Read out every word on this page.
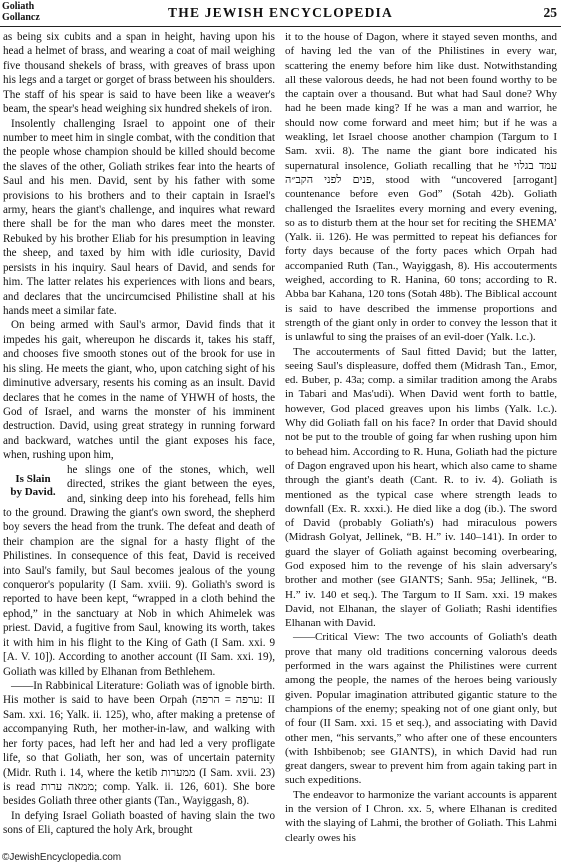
Goliath
Gollancz	THE JEWISH ENCYCLOPEDIA	25

as being six cubits and a span in height, having upon his head a helmet of brass, and wearing a coat of mail weighing five thousand shekels of brass, with greaves of brass upon his legs and a target or gorget of brass between his shoulders. The staff of his spear is said to have been like a weaver's beam, the spear's head weighing six hundred shekels of iron.

Insolently challenging Israel to appoint one of their number to meet him in single combat, with the condition that the people whose champion should be killed should become the slaves of the other, Goliath strikes fear into the hearts of Saul and his men. David, sent by his father with some provisions to his brothers and to their captain in Israel's army, hears the giant's challenge, and inquires what reward there shall be for the man who dares meet the monster. Rebuked by his brother Eliab for his presumption in leaving the sheep, and taxed by him with idle curiosity, David persists in his inquiry. Saul hears of David, and sends for him. The latter relates his experiences with lions and bears, and declares that the uncircumcised Philistine shall at his hands meet a similar fate.

On being armed with Saul's armor, David finds that it impedes his gait, whereupon he discards it, takes his staff, and chooses five smooth stones out of the brook for use in his sling. He meets the giant, who, upon catching sight of his diminutive adversary, resents his coming as an insult. David declares that he comes in the name of YHWH of hosts, the God of Israel, and warns the monster of his imminent destruction. David, using great strategy in running forward and backward, watches until the giant exposes his face, when, rushing upon him,

Is Slain
by David.

he slings one of the stones, which, well directed, strikes the giant between the eyes, and, sinking deep into his forehead, fells him to the ground. Drawing the giant's own sword, the shepherd boy severs the head from the trunk. The defeat and death of their champion are the signal for a hasty flight of the Philistines. In consequence of this feat, David is received into Saul's family, but Saul becomes jealous of the young conqueror's popularity (I Sam. xviii. 9). Goliath's sword is reported to have been kept, “wrapped in a cloth behind the ephod,” in the sanctuary at Nob in which Ahimelek was priest. David, a fugitive from Saul, knowing its worth, takes it with him in his flight to the King of Gath (I Sam. xxi. 9 [A. V. 10]). According to another account (II Sam. xxi. 19), Goliath was killed by Elhanan from Bethlehem.

——In Rabbinical Literature: Goliath was of ignoble birth. His mother is said to have been Orpah (ערפה = הרפה: II Sam. xxi. 16; Yalk. ii. 125), who, after making a pretense of accompanying Ruth, her mother-in-law, and walking with her forty paces, had left her and had led a very profligate life, so that Goliath, her son, was of uncertain paternity (Midr. Ruth i. 14, where the ketib ממערות (I Sam. xvii. 23) is read ממאה ערות; comp. Yalk. ii. 126, 601). She bore besides Goliath three other giants (Tan., Wayiggash, 8).

In defying Israel Goliath boasted of having slain the two sons of Eli, captured the holy Ark, brought

it to the house of Dagon, where it stayed seven months, and of having led the van of the Philistines in every war, scattering the enemy before him like dust. Notwithstanding all these valorous deeds, he had not been found worthy to be the captain over a thousand. But what had Saul done? Why had he been made king? If he was a man and warrior, he should now come forward and meet him; but if he was a weakling, let Israel choose another champion (Targum to I Sam. xvii. 8). The name the giant bore indicated his supernatural insolence, Goliath recalling that he עמד בגלוי פנים לפני הקב״ה, stood with “uncovered [arrogant] countenance before even God” (Sotah 42b). Goliath challenged the Israelites every morning and every evening, so as to disturb them at the hour set for reciting the SHEMA’ (Yalk. ii. 126). He was permitted to repeat his defiances for forty days because of the forty paces which Orpah had accompanied Ruth (Tan., Wayiggash, 8). His accouterments weighed, according to R. Hanina, 60 tons; according to R. Abba bar Kahana, 120 tons (Sotah 48b). The Biblical account is said to have described the immense proportions and strength of the giant only in order to convey the lesson that it is unlawful to sing the praises of an evil-doer (Yalk. l.c.).

The accouterments of Saul fitted David; but the latter, seeing Saul's displeasure, doffed them (Midrash Tan., Emor, ed. Buber, p. 43a; comp. a similar tradition among the Arabs in Tabari and Mas'udi). When David went forth to battle, however, God placed greaves upon his limbs (Yalk. l.c.). Why did Goliath fall on his face? In order that David should not be put to the trouble of going far when rushing upon him to behead him. According to R. Huna, Goliath had the picture of Dagon engraved upon his heart, which also came to shame through the giant's death (Cant. R. to iv. 4). Goliath is mentioned as the typical case where strength leads to downfall (Ex. R. xxxi.). He died like a dog (ib.). The sword of David (probably Goliath's) had miraculous powers (Midrash Golyat, Jellinek, “B. H.” iv. 140–141). In order to guard the slayer of Goliath against becoming overbearing, God exposed him to the revenge of his slain adversary's brother and mother (see GIANTS; Sanh. 95a; Jellinek, “B. H.” iv. 140 et seq.). The Targum to II Sam. xxi. 19 makes David, not Elhanan, the slayer of Goliath; Rashi identifies Elhanan with David.

——Critical View: The two accounts of Goliath's death prove that many old traditions concerning valorous deeds performed in the wars against the Philistines were current among the people, the names of the heroes being variously given. Popular imagination attributed gigantic stature to the champions of the enemy; speaking not of one giant only, but of four (II Sam. xxi. 15 et seq.), and associating with David other men, “his servants,” who after one of these encounters (with Ishbibenob; see GIANTS), in which David had run great dangers, swear to prevent him from again taking part in such expeditions.

The endeavor to harmonize the variant accounts is apparent in the version of I Chron. xx. 5, where Elhanan is credited with the slaying of Lahmi, the brother of Goliath. This Lahmi clearly owes his

©JewishEncyclopedia.com
